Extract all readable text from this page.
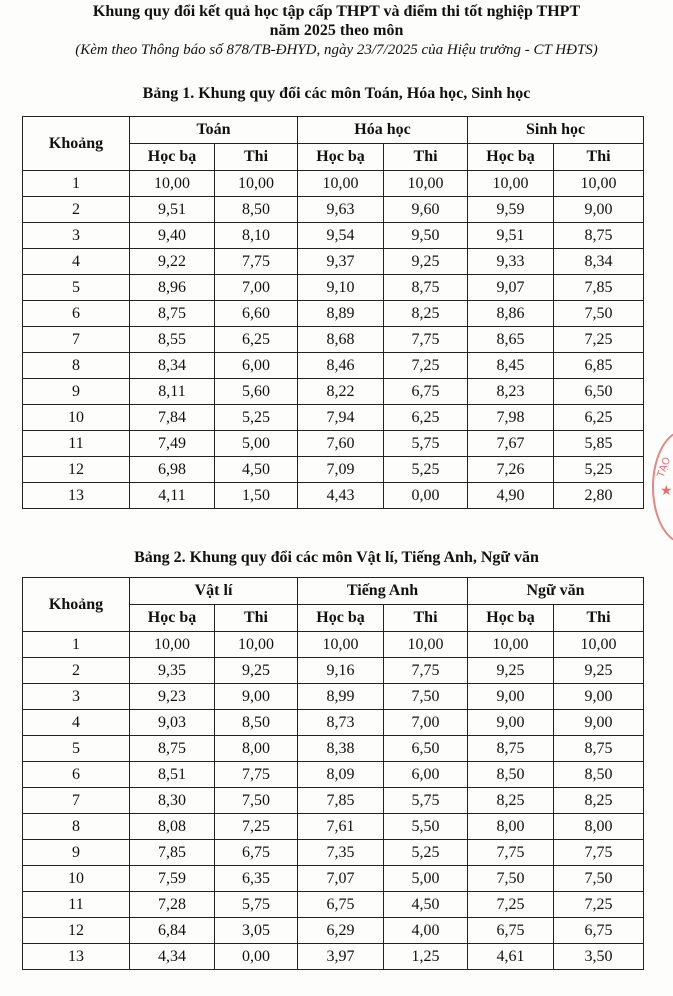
Khung quy đổi kết quả học tập cấp THPT và điểm thi tốt nghiệp THPT
năm 2025 theo môn
(Kèm theo Thông báo số 878/TB-ĐHYD, ngày 23/7/2025 của Hiệu trưởng - CT HĐTS)
Bảng 1. Khung quy đổi các môn Toán, Hóa học, Sinh học
Khoảng	Toán		Hóa học		Sinh học	
	Học bạ	Thi	Học bạ	Thi	Học bạ	Thi
1	10,00	10,00	10,00	10,00	10,00	10,00
2	9,51	8,50	9,63	9,60	9,59	9,00
3	9,40	8,10	9,54	9,50	9,51	8,75
4	9,22	7,75	9,37	9,25	9,33	8,34
5	8,96	7,00	9,10	8,75	9,07	7,85
6	8,75	6,60	8,89	8,25	8,86	7,50
7	8,55	6,25	8,68	7,75	8,65	7,25
8	8,34	6,00	8,46	7,25	8,45	6,85
9	8,11	5,60	8,22	6,75	8,23	6,50
10	7,84	5,25	7,94	6,25	7,98	6,25
11	7,49	5,00	7,60	5,75	7,67	5,85
12	6,98	4,50	7,09	5,25	7,26	5,25
13	4,11	1,50	4,43	0,00	4,90	2,80
Bảng 2. Khung quy đổi các môn Vật lí, Tiếng Anh, Ngữ văn
Khoảng	Vật lí		Tiếng Anh		Ngữ văn	
	Học bạ	Thi	Học bạ	Thi	Học bạ	Thi
1	10,00	10,00	10,00	10,00	10,00	10,00
2	9,35	9,25	9,16	7,75	9,25	9,25
3	9,23	9,00	8,99	7,50	9,00	9,00
4	9,03	8,50	8,73	7,00	9,00	9,00
5	8,75	8,00	8,38	6,50	8,75	8,75
6	8,51	7,75	8,09	6,00	8,50	8,50
7	8,30	7,50	7,85	5,75	8,25	8,25
8	8,08	7,25	7,61	5,50	8,00	8,00
9	7,85	6,75	7,35	5,25	7,75	7,75
10	7,59	6,35	7,07	5,00	7,50	7,50
11	7,28	5,75	6,75	4,50	7,25	7,25
12	6,84	3,05	6,29	4,00	6,75	6,75
13	4,34	0,00	3,97	1,25	4,61	3,50
TẠO
★
